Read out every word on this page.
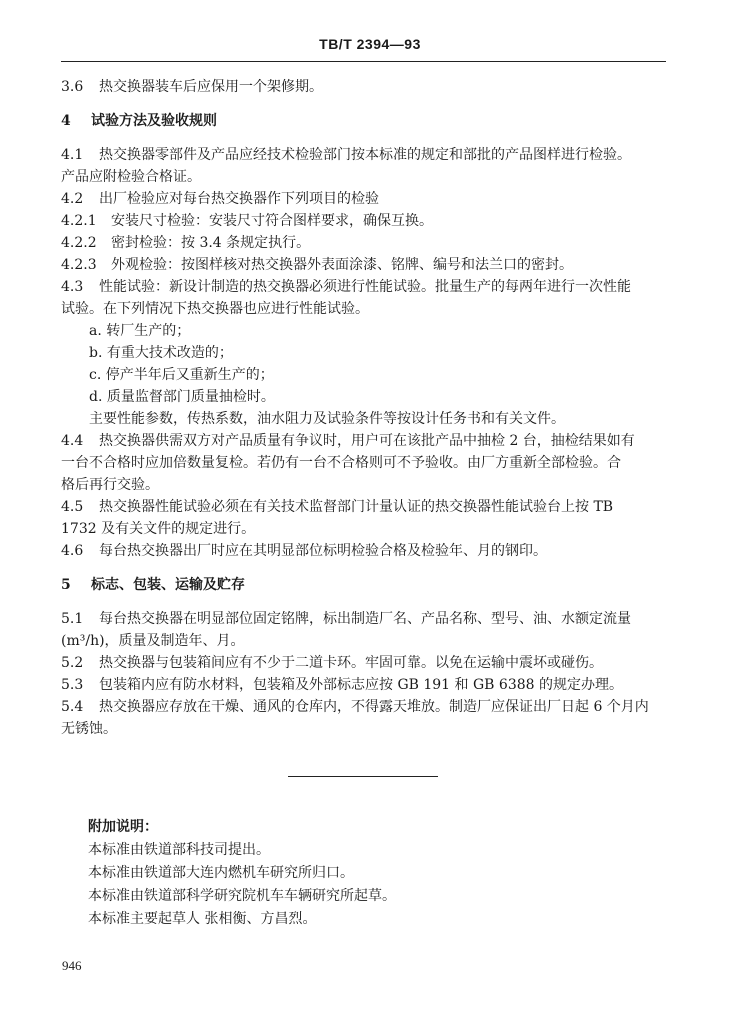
TB/T 2394—93
3.6 热交换器装车后应保用一个架修期。
4 试验方法及验收规则
4.1 热交换器零部件及产品应经技术检验部门按本标准的规定和部批的产品图样进行检验。
产品应附检验合格证。
4.2 出厂检验应对每台热交换器作下列项目的检验
4.2.1 安装尺寸检验：安装尺寸符合图样要求，确保互换。
4.2.2 密封检验：按 3.4 条规定执行。
4.2.3 外观检验：按图样核对热交换器外表面涂漆、铭牌、编号和法兰口的密封。
4.3 性能试验：新设计制造的热交换器必须进行性能试验。批量生产的每两年进行一次性能
试验。在下列情况下热交换器也应进行性能试验。
a. 转厂生产的；
b. 有重大技术改造的；
c. 停产半年后又重新生产的；
d. 质量监督部门质量抽检时。
主要性能参数，传热系数，油水阻力及试验条件等按设计任务书和有关文件。
4.4 热交换器供需双方对产品质量有争议时，用户可在该批产品中抽检 2 台，抽检结果如有
一台不合格时应加倍数量复检。若仍有一台不合格则可不予验收。由厂方重新全部检验。合
格后再行交验。
4.5 热交换器性能试验必须在有关技术监督部门计量认证的热交换器性能试验台上按 TB
1732 及有关文件的规定进行。
4.6 每台热交换器出厂时应在其明显部位标明检验合格及检验年、月的钢印。
5 标志、包装、运输及贮存
5.1 每台热交换器在明显部位固定铭牌，标出制造厂名、产品名称、型号、油、水额定流量
(m³/h)，质量及制造年、月。
5.2 热交换器与包装箱间应有不少于二道卡环。牢固可靠。以免在运输中震坏或碰伤。
5.3 包装箱内应有防水材料，包装箱及外部标志应按 GB 191 和 GB 6388 的规定办理。
5.4 热交换器应存放在干燥、通风的仓库内，不得露天堆放。制造厂应保证出厂日起 6 个月内
无锈蚀。
附加说明：
本标准由铁道部科技司提出。
本标准由铁道部大连内燃机车研究所归口。
本标准由铁道部科学研究院机车车辆研究所起草。
本标准主要起草人 张相衡、方昌烈。
946
